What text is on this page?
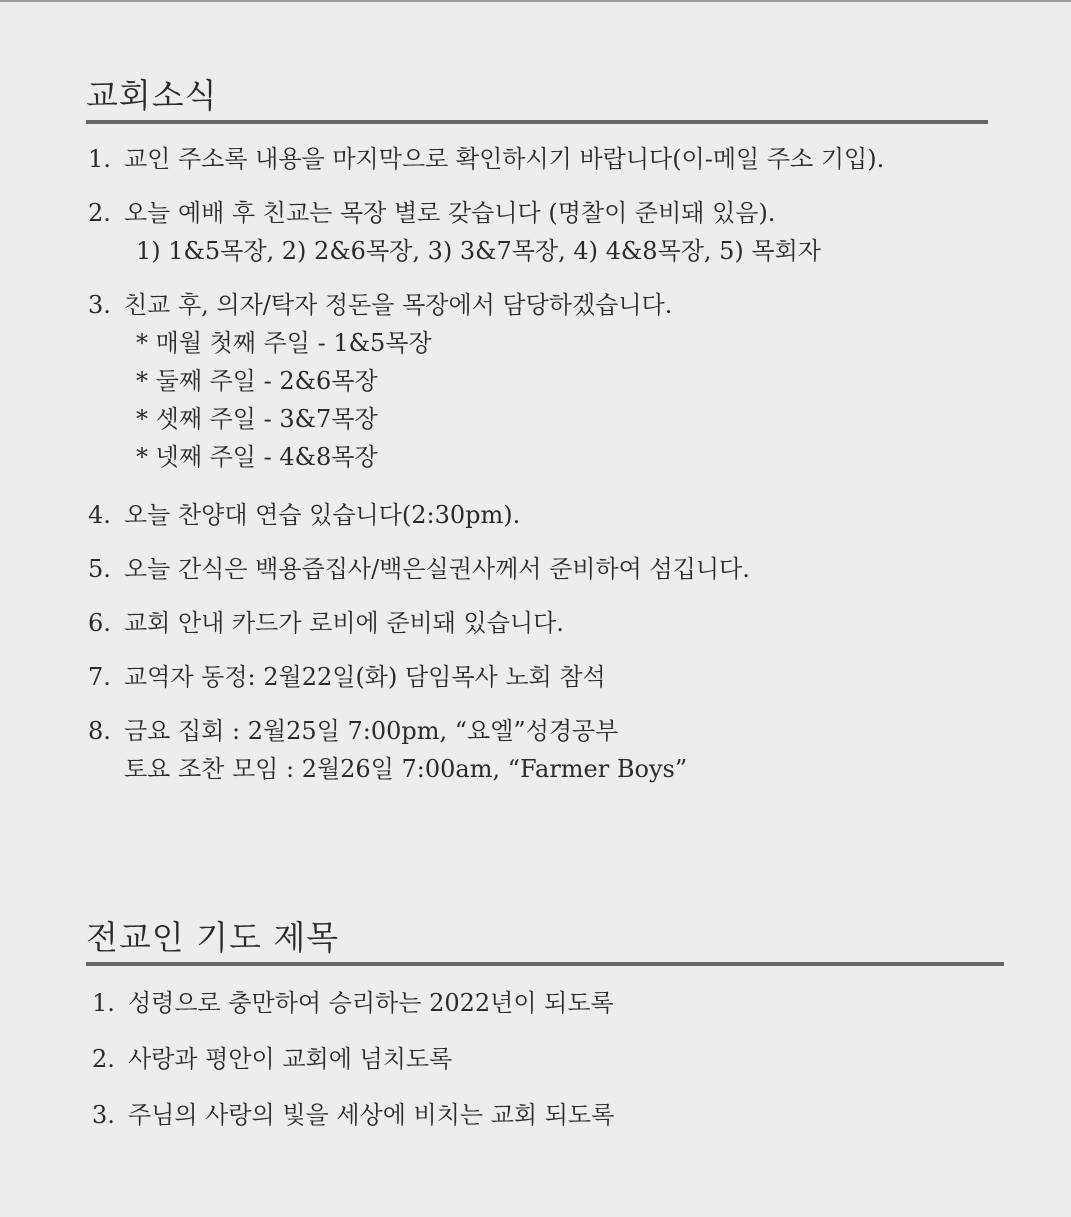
교회소식
1. 교인 주소록 내용을 마지막으로 확인하시기 바랍니다(이-메일 주소 기입).
2. 오늘 예배 후 친교는 목장 별로 갖습니다 (명찰이 준비돼 있음).
1) 1&5목장, 2) 2&6목장, 3) 3&7목장, 4) 4&8목장, 5) 목회자
3. 친교 후, 의자/탁자 정돈을 목장에서 담당하겠습니다.
* 매월 첫째 주일 - 1&5목장
* 둘째 주일 - 2&6목장
* 셋째 주일 - 3&7목장
* 넷째 주일 - 4&8목장
4. 오늘 찬양대 연습 있습니다(2:30pm).
5. 오늘 간식은 백용즙집사/백은실권사께서 준비하여 섬깁니다.
6. 교회 안내 카드가 로비에 준비돼 있습니다.
7. 교역자 동정: 2월22일(화) 담임목사 노회 참석
8. 금요 집회 : 2월25일 7:00pm, “요엘”성경공부
토요 조찬 모임 : 2월26일 7:00am, “Farmer Boys”
전교인 기도 제목
1. 성령으로 충만하여 승리하는 2022년이 되도록
2. 사랑과 평안이 교회에 넘치도록
3. 주님의 사랑의 빛을 세상에 비치는 교회 되도록
